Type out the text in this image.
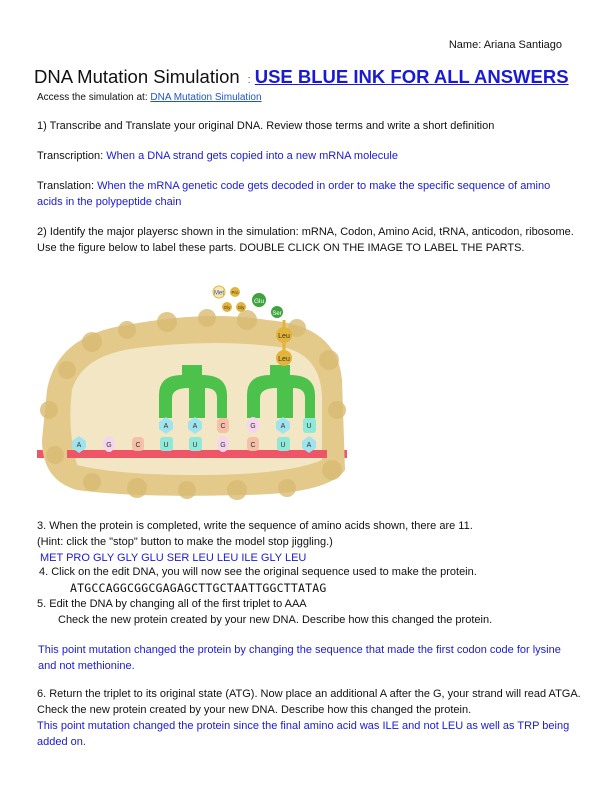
Name: Ariana Santiago
DNA Mutation Simulation : USE BLUE INK FOR ALL ANSWERS
Access the simulation at: DNA Mutation Simulation
1) Transcribe and Translate your original DNA. Review those terms and write a short definition
Transcription: When a DNA strand gets copied into a new mRNA molecule
Translation: When the mRNA genetic code gets decoded in order to make the specific sequence of amino acids in the polypeptide chain
2) Identify the major playersc shown in the simulation: mRNA, Codon, Amino Acid, tRNA, anticodon, ribosome.
Use the figure below to label these parts. DOUBLE CLICK ON THE IMAGE TO LABEL THE PARTS.
Leu
Leu
Ser
Glu
Gly
Gly
Pro
Met
A	A	C	G	A	U
A	G	C	U	U	G	C	U	A
3. When the protein is completed, write the sequence of amino acids shown, there are 11.
(Hint: click the "stop" button to make the model stop jiggling.)
MET PRO GLY GLY GLU SER LEU LEU ILE GLY LEU
4. Click on the edit DNA, you will now see the original sequence used to make the protein.
ATGCCAGGCGGCGAGAGCTTGCTAATTGGCTTATAG
5. Edit the DNA by changing all of the first triplet to AAA
Check the new protein created by your new DNA. Describe how this changed the protein.
This point mutation changed the protein by changing the sequence that made the first codon code for lysine and not methionine.
6. Return the triplet to its original state (ATG). Now place an additional A after the G, your strand will read ATGA. Check the new protein created by your new DNA. Describe how this changed the protein.
This point mutation changed the protein since the final amino acid was ILE and not LEU as well as TRP being added on.
